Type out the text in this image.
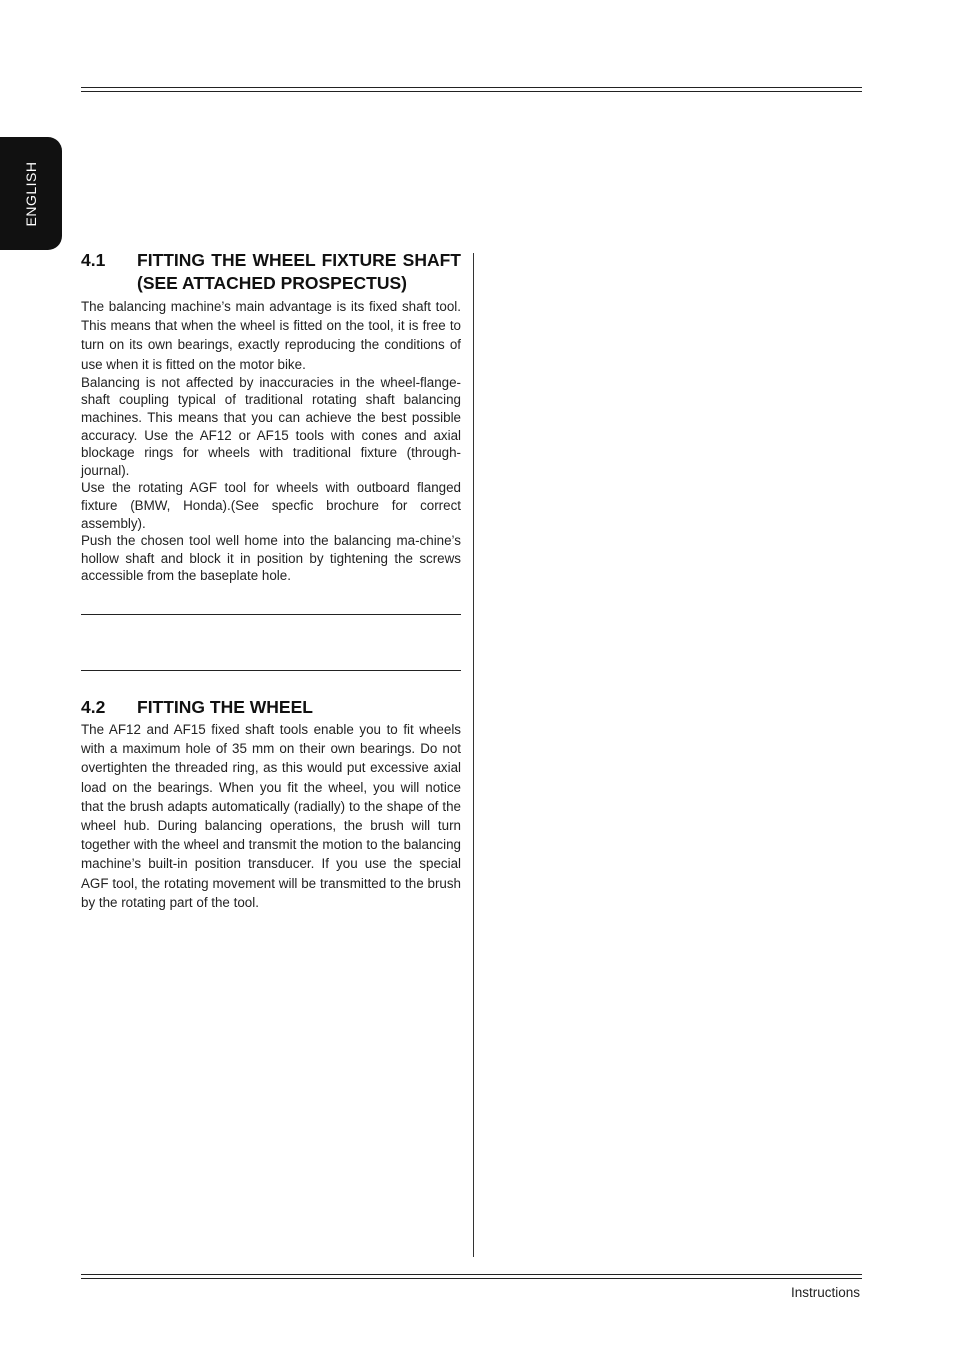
ENGLISH
4.1	FITTING THE WHEEL FIXTURE SHAFT (SEE ATTACHED PROSPECTUS)

The balancing machine’s main advantage is its fixed shaft tool. This means that when the wheel is fitted on the tool, it is free to turn on its own bearings, exactly reproducing the conditions of use when it is fitted on the motor bike.

Balancing is not affected by inaccuracies in the wheel-flange-shaft coupling typical of traditional rotating shaft balancing machines. This means that you can achieve the best possible accuracy. Use the AF12 or AF15 tools with cones and axial blockage rings for wheels with traditional fixture (through- journal).

Use the rotating AGF tool for wheels with outboard flanged fixture (BMW, Honda).(See specfic brochure for correct assembly).

Push the chosen tool well home into the balancing ma-chine’s hollow shaft and block it in position by tightening the screws accessible from the baseplate hole.

4.2	FITTING THE WHEEL

The AF12 and AF15 fixed shaft tools enable you to fit wheels with a maximum hole of 35 mm on their own bearings. Do not overtighten the threaded ring, as this would put excessive axial load on the bearings. When you fit the wheel, you will notice that the brush adapts automatically (radially) to the shape of the wheel hub. During balancing operations, the brush will turn together with the wheel and transmit the motion to the balancing machine’s built-in position transducer. If you use the special AGF tool, the rotating movement will be transmitted to the brush by the rotating part of the tool.

Instructions
